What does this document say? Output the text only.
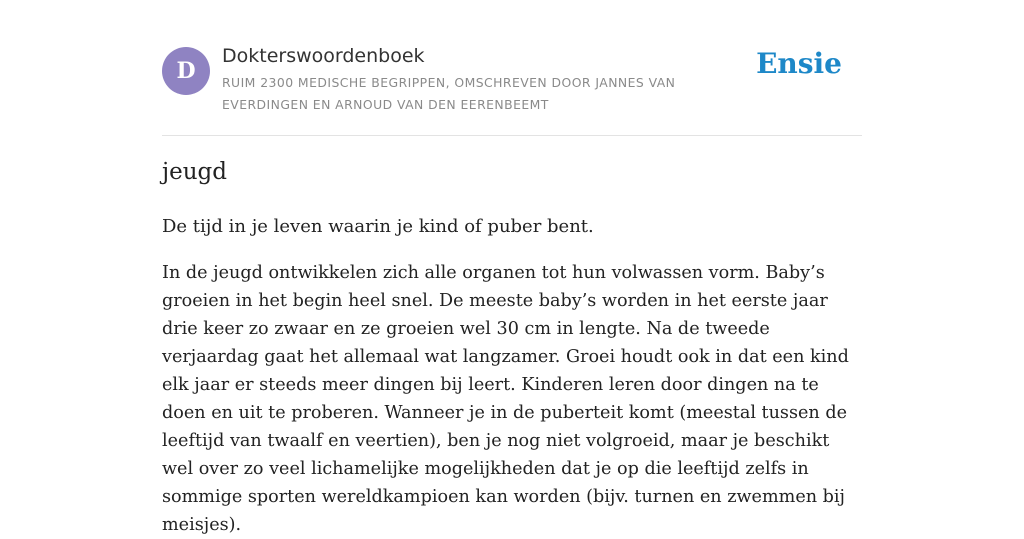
D
Dokterswoordenboek
RUIM 2300 MEDISCHE BEGRIPPEN, OMSCHREVEN DOOR JANNES VAN EVERDINGEN EN ARNOUD VAN DEN EERENBEEMT
Ensie
jeugd

De tijd in je leven waarin je kind of puber bent.

In de jeugd ontwikkelen zich alle organen tot hun volwassen vorm. Baby’s groeien in het begin heel snel. De meeste baby’s worden in het eerste jaar drie keer zo zwaar en ze groeien wel 30 cm in lengte. Na de tweede verjaardag gaat het allemaal wat langzamer. Groei houdt ook in dat een kind elk jaar er steeds meer dingen bij leert. Kinderen leren door dingen na te doen en uit te proberen. Wanneer je in de puberteit komt (meestal tussen de leeftijd van twaalf en veertien), ben je nog niet volgroeid, maar je beschikt wel over zo veel lichamelijke mogelijkheden dat je op die leeftijd zelfs in sommige sporten wereldkampioen kan worden (bijv. turnen en zwemmen bij meisjes).
